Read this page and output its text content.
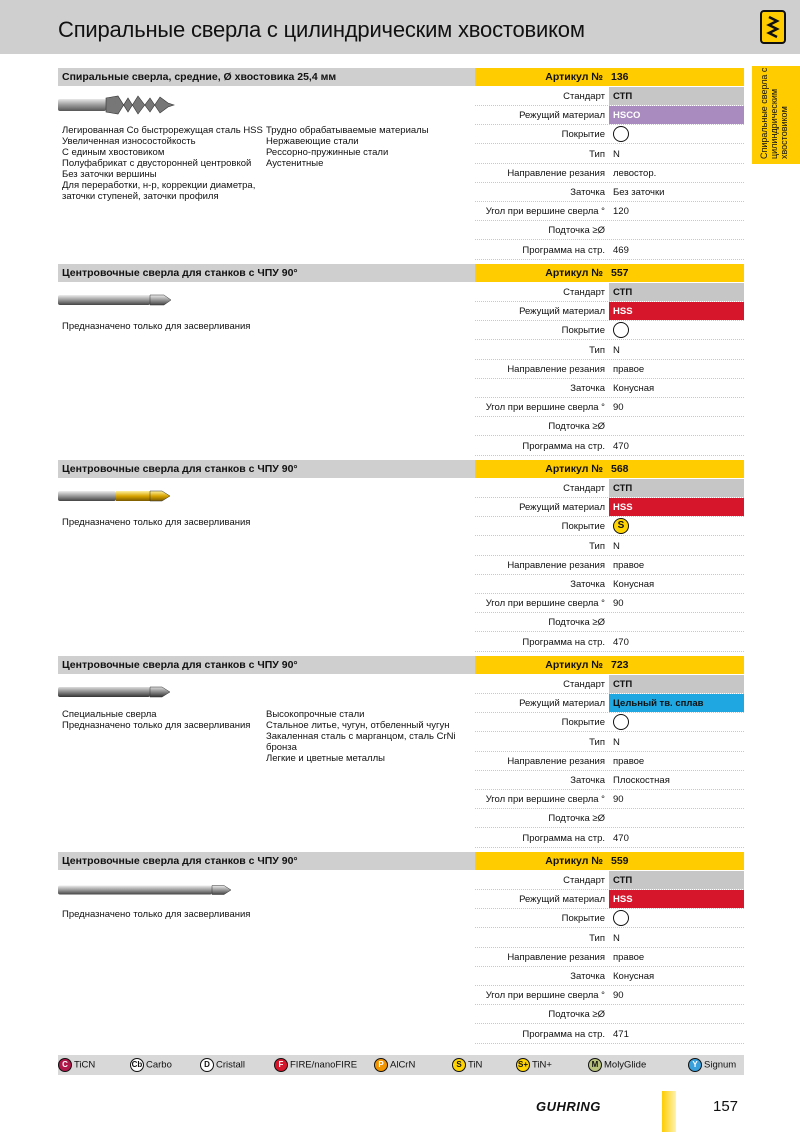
Спиральные сверла с цилиндрическим хвостовиком
Спиральные сверла с цилиндрическим хвостовиком
Спиральные сверла, средние, Ø хвостовика 25,4 мм	Артикул № 136
Стандарт СТП
Режущий материал HSCO
Покрытие
Тип N
Направление резания левостор.
Заточка Без заточки
Угол при вершине сверла ° 120
Подточка ≥Ø
Программа на стр. 469
Легированная Co быстрорежущая сталь HSS
Увеличенная износостойкость
С единым хвостовиком
Полуфабрикат с двусторонней центровкой
Без заточки вершины
Для переработки, н-р, коррекции диаметра,
заточки ступеней, заточки профиля
Трудно обрабатываемые материалы
Нержавеющие стали
Рессорно-пружинные стали
Аустенитные
Центровочные сверла для станков с ЧПУ 90°	Артикул № 557
Стандарт СТП
Режущий материал HSS
Покрытие
Тип N
Направление резания правое
Заточка Конусная
Угол при вершине сверла ° 90
Подточка ≥Ø
Программа на стр. 470
Предназначено только для засверливания
Центровочные сверла для станков с ЧПУ 90°	Артикул № 568
Стандарт СТП
Режущий материал HSS
Покрытие	S
Тип N
Направление резания правое
Заточка Конусная
Угол при вершине сверла ° 90
Подточка ≥Ø
Программа на стр. 470
Предназначено только для засверливания
Центровочные сверла для станков с ЧПУ 90°	Артикул № 723
Стандарт СТП
Режущий материал Цельный тв. сплав
Покрытие
Тип N
Направление резания правое
Заточка Плоскостная
Угол при вершине сверла ° 90
Подточка ≥Ø
Программа на стр. 470
Специальные сверла
Предназначено только для засверливания
Высокопрочные стали
Стальное литье, чугун, отбеленный чугун
Закаленная сталь с марганцом, сталь CrNi
бронза
Легкие и цветные металлы
Центровочные сверла для станков с ЧПУ 90°	Артикул № 559
Стандарт СТП
Режущий материал HSS
Покрытие
Тип N
Направление резания правое
Заточка Конусная
Угол при вершине сверла ° 90
Подточка ≥Ø
Программа на стр. 471
Предназначено только для засверливания
C TiCN	Cb Carbo	D Cristall	F FIRE/nanoFIRE	P AlCrN	S TiN	S+ TiN+	M MolyGlide	Y Signum
GUHRING	157
